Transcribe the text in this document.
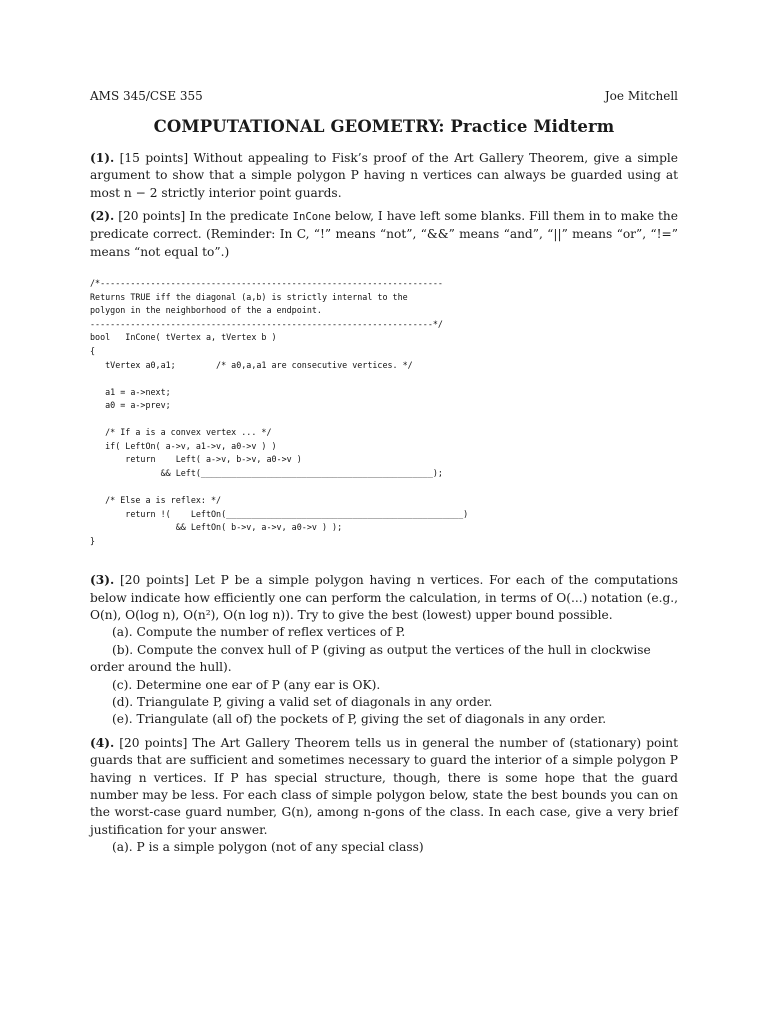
AMS 345/CSE 355	Joe Mitchell
COMPUTATIONAL GEOMETRY: Practice Midterm

(1). [15 points] Without appealing to Fisk’s proof of the Art Gallery Theorem, give a simple argument to show that a simple polygon P having n vertices can always be guarded using at most n − 2 strictly interior point guards.

(2). [20 points] In the predicate InCone below, I have left some blanks. Fill them in to make the predicate correct. (Reminder: In C, “!” means “not”, “&&” means “and”, “||” means “or”, “!=” means “not equal to”.)

/*--------------------------------------------------------------------
Returns TRUE iff the diagonal (a,b) is strictly internal to the
polygon in the neighborhood of the a endpoint.
--------------------------------------------------------------------*/
bool   InCone( tVertex a, tVertex b )
{
tVertex a0,a1;        /* a0,a,a1 are consecutive vertices. */

a1 = a->next;
a0 = a->prev;

/* If a is a convex vertex ... */
if( LeftOn( a->v, a1->v, a0->v ) )
return    Left( a->v, b->v, a0->v )
&& Left(______________________________________________);

/* Else a is reflex: */
return !(    LeftOn(_______________________________________________)
&& LeftOn( b->v, a->v, a0->v ) );
}

(3). [20 points] Let P be a simple polygon having n vertices. For each of the computations below indicate how efficiently one can perform the calculation, in terms of O(...) notation (e.g., O(n), O(log n), O(n²), O(n log n)). Try to give the best (lowest) upper bound possible.

(a). Compute the number of reflex vertices of P.

(b). Compute the convex hull of P (giving as output the vertices of the hull in clockwise order around the hull).

(c). Determine one ear of P (any ear is OK).

(d). Triangulate P, giving a valid set of diagonals in any order.

(e). Triangulate (all of) the pockets of P, giving the set of diagonals in any order.

(4). [20 points] The Art Gallery Theorem tells us in general the number of (stationary) point guards that are sufficient and sometimes necessary to guard the interior of a simple polygon P having n vertices. If P has special structure, though, there is some hope that the guard number may be less. For each class of simple polygon below, state the best bounds you can on the worst-case guard number, G(n), among n-gons of the class. In each case, give a very brief justification for your answer.

(a). P is a simple polygon (not of any special class)
